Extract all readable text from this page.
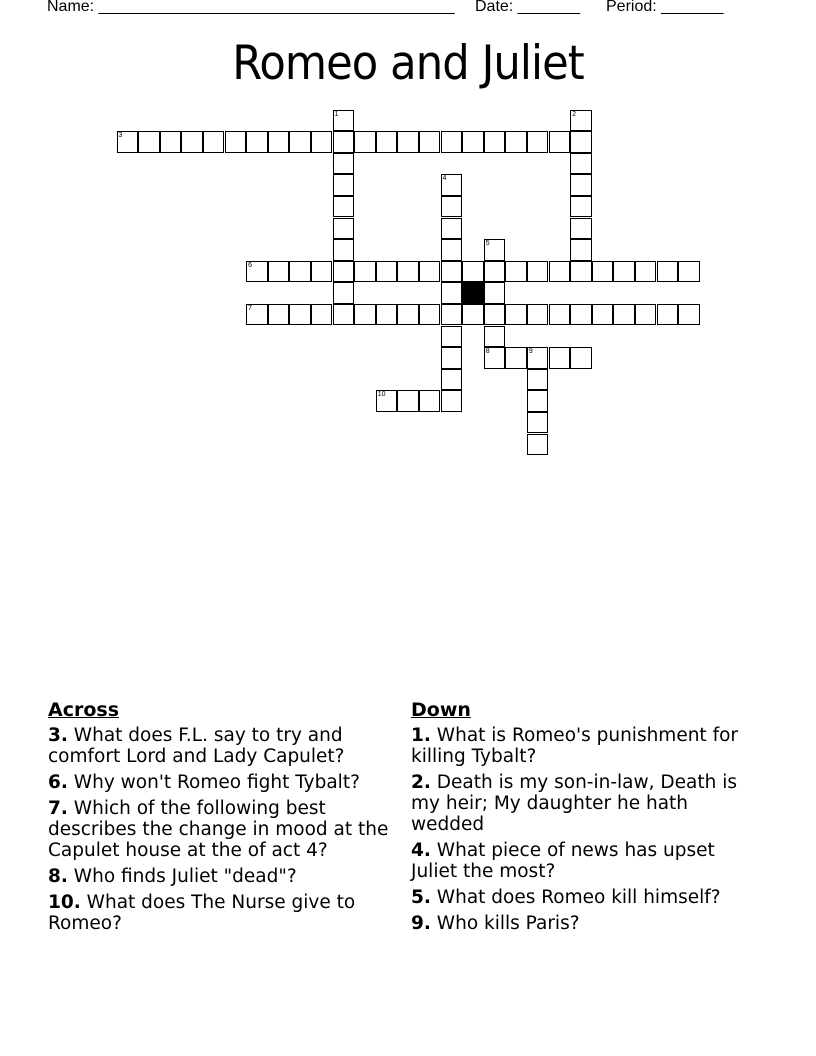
Name: ________________________________________ Date: _______ Period: _______
Romeo and Juliet
3
6
7
8	9
10
1	2
4
5
Across
3. What does F.L. say to try and comfort Lord and Lady Capulet?
6. Why won't Romeo fight Tybalt?
7. Which of the following best describes the change in mood at the Capulet house at the of act 4?
8. Who finds Juliet "dead"?
10. What does The Nurse give to Romeo?
Down
1. What is Romeo's punishment for killing Tybalt?
2. Death is my son-in-law, Death is my heir; My daughter he hath wedded
4. What piece of news has upset Juliet the most?
5. What does Romeo kill himself?
9. Who kills Paris?
